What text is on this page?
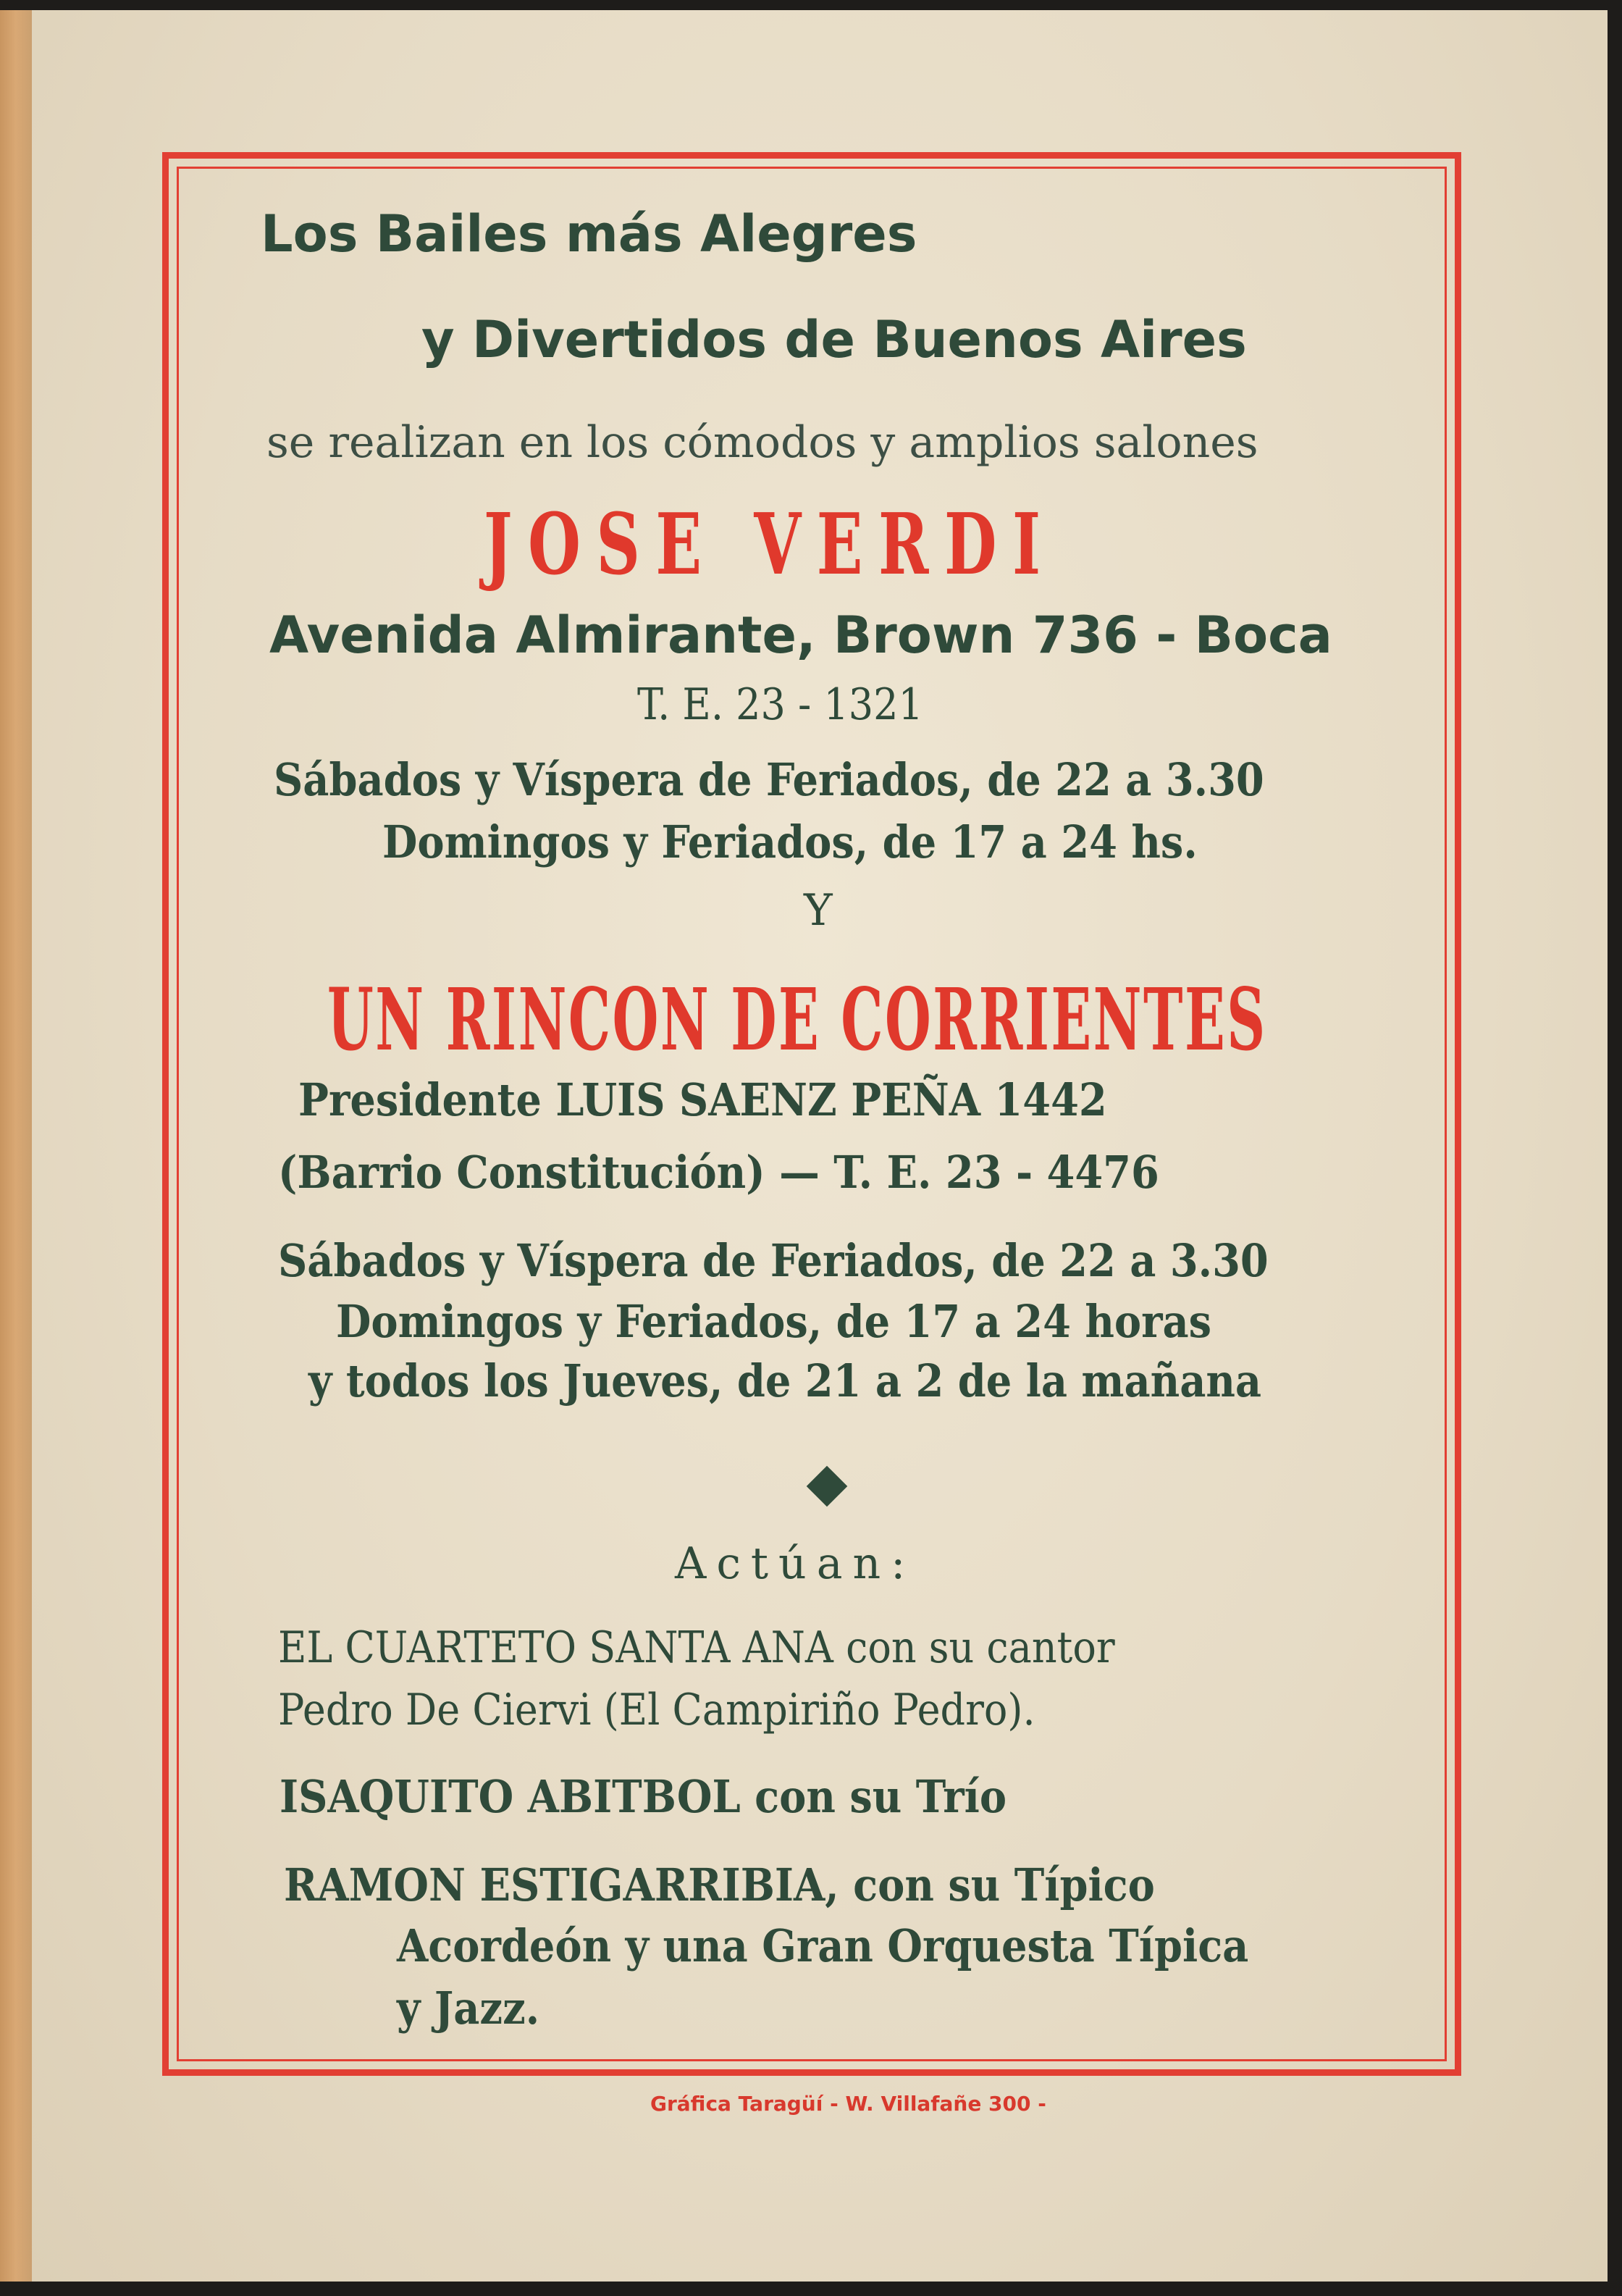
Los Bailes más Alegres

y Divertidos de Buenos Aires

se realizan en los cómodos y amplios salones

JOSE VERDI

Avenida Almirante, Brown 736 - Boca

T. E. 23 - 1321

Sábados y Víspera de Feriados, de 22 a 3.30

Domingos y Feriados, de 17 a 24 hs.

Y

UN RINCON DE CORRIENTES

Presidente LUIS SAENZ PEÑA 1442

(Barrio Constitución) — T. E. 23 - 4476

Sábados y Víspera de Feriados, de 22 a 3.30

Domingos y Feriados, de 17 a 24 horas

y todos los Jueves, de 21 a 2 de la mañana

Actúan:

EL CUARTETO SANTA ANA con su cantor

Pedro De Ciervi (El Campiriño Pedro).

ISAQUITO ABITBOL con su Trío

RAMON ESTIGARRIBIA, con su Típico

Acordeón y una Gran Orquesta Típica

y Jazz.

Gráfica Taragüí - W. Villafañe 300 -
